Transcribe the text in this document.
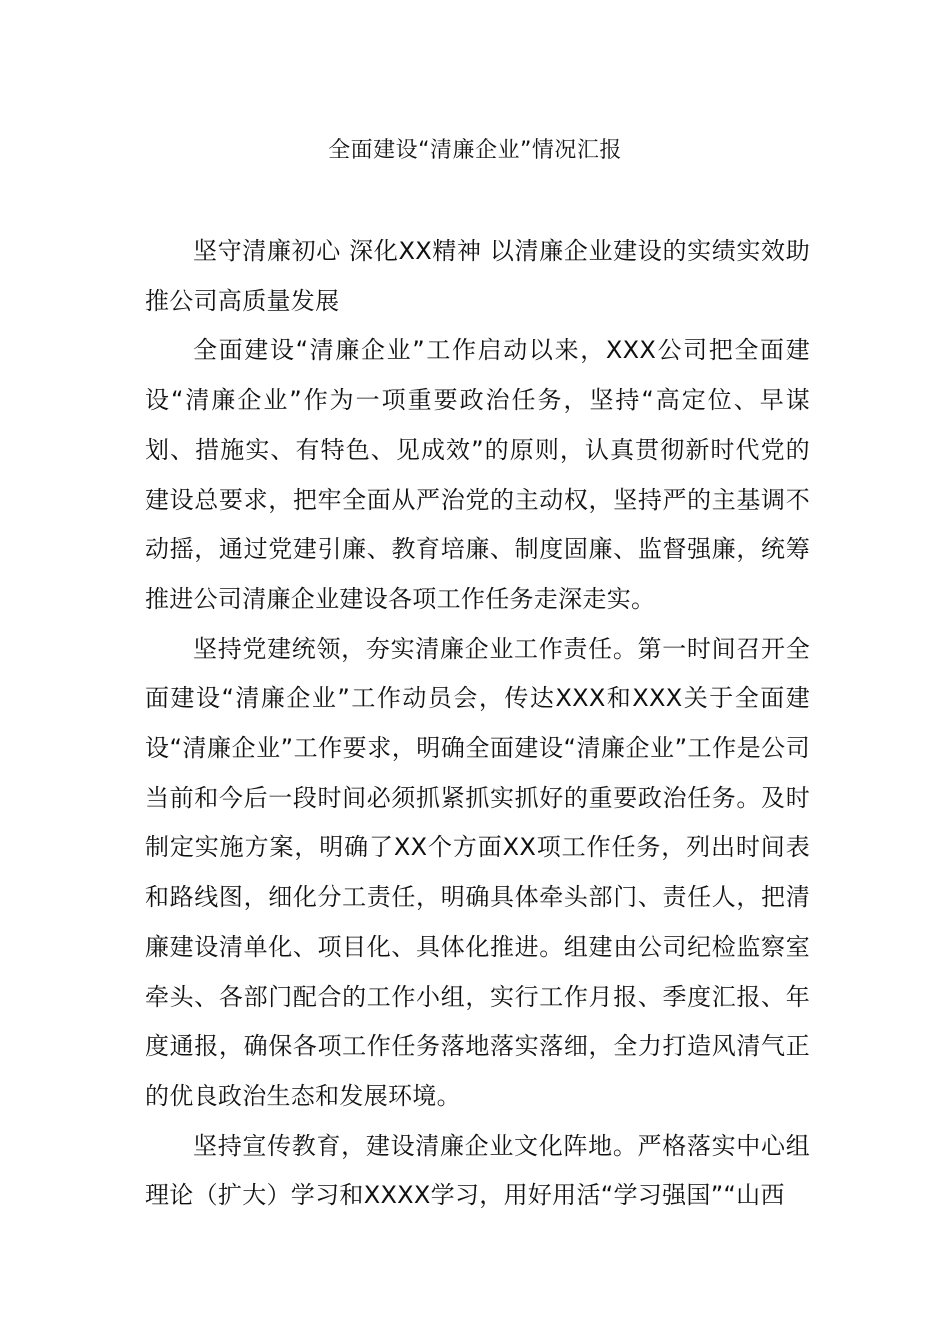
全面建设“清廉企业”情况汇报

坚守清廉初心 深化XX精神 以清廉企业建设的实绩实效助推公司高质量发展

全面建设“清廉企业”工作启动以来，XXX公司把全面建设“清廉企业”作为一项重要政治任务，坚持“高定位、早谋划、措施实、有特色、见成效”的原则，认真贯彻新时代党的建设总要求，把牢全面从严治党的主动权，坚持严的主基调不动摇，通过党建引廉、教育培廉、制度固廉、监督强廉，统筹推进公司清廉企业建设各项工作任务走深走实。

坚持党建统领，夯实清廉企业工作责任。第一时间召开全面建设“清廉企业”工作动员会，传达XXX和XXX关于全面建设“清廉企业”工作要求，明确全面建设“清廉企业”工作是公司当前和今后一段时间必须抓紧抓实抓好的重要政治任务。及时制定实施方案，明确了XX个方面XX项工作任务，列出时间表和路线图，细化分工责任，明确具体牵头部门、责任人，把清廉建设清单化、项目化、具体化推进。组建由公司纪检监察室牵头、各部门配合的工作小组，实行工作月报、季度汇报、年度通报，确保各项工作任务落地落实落细，全力打造风清气正的优良政治生态和发展环境。

坚持宣传教育，建设清廉企业文化阵地。严格落实中心组理论（扩大）学习和XXXX学习，用好用活“学习强国”“山西
